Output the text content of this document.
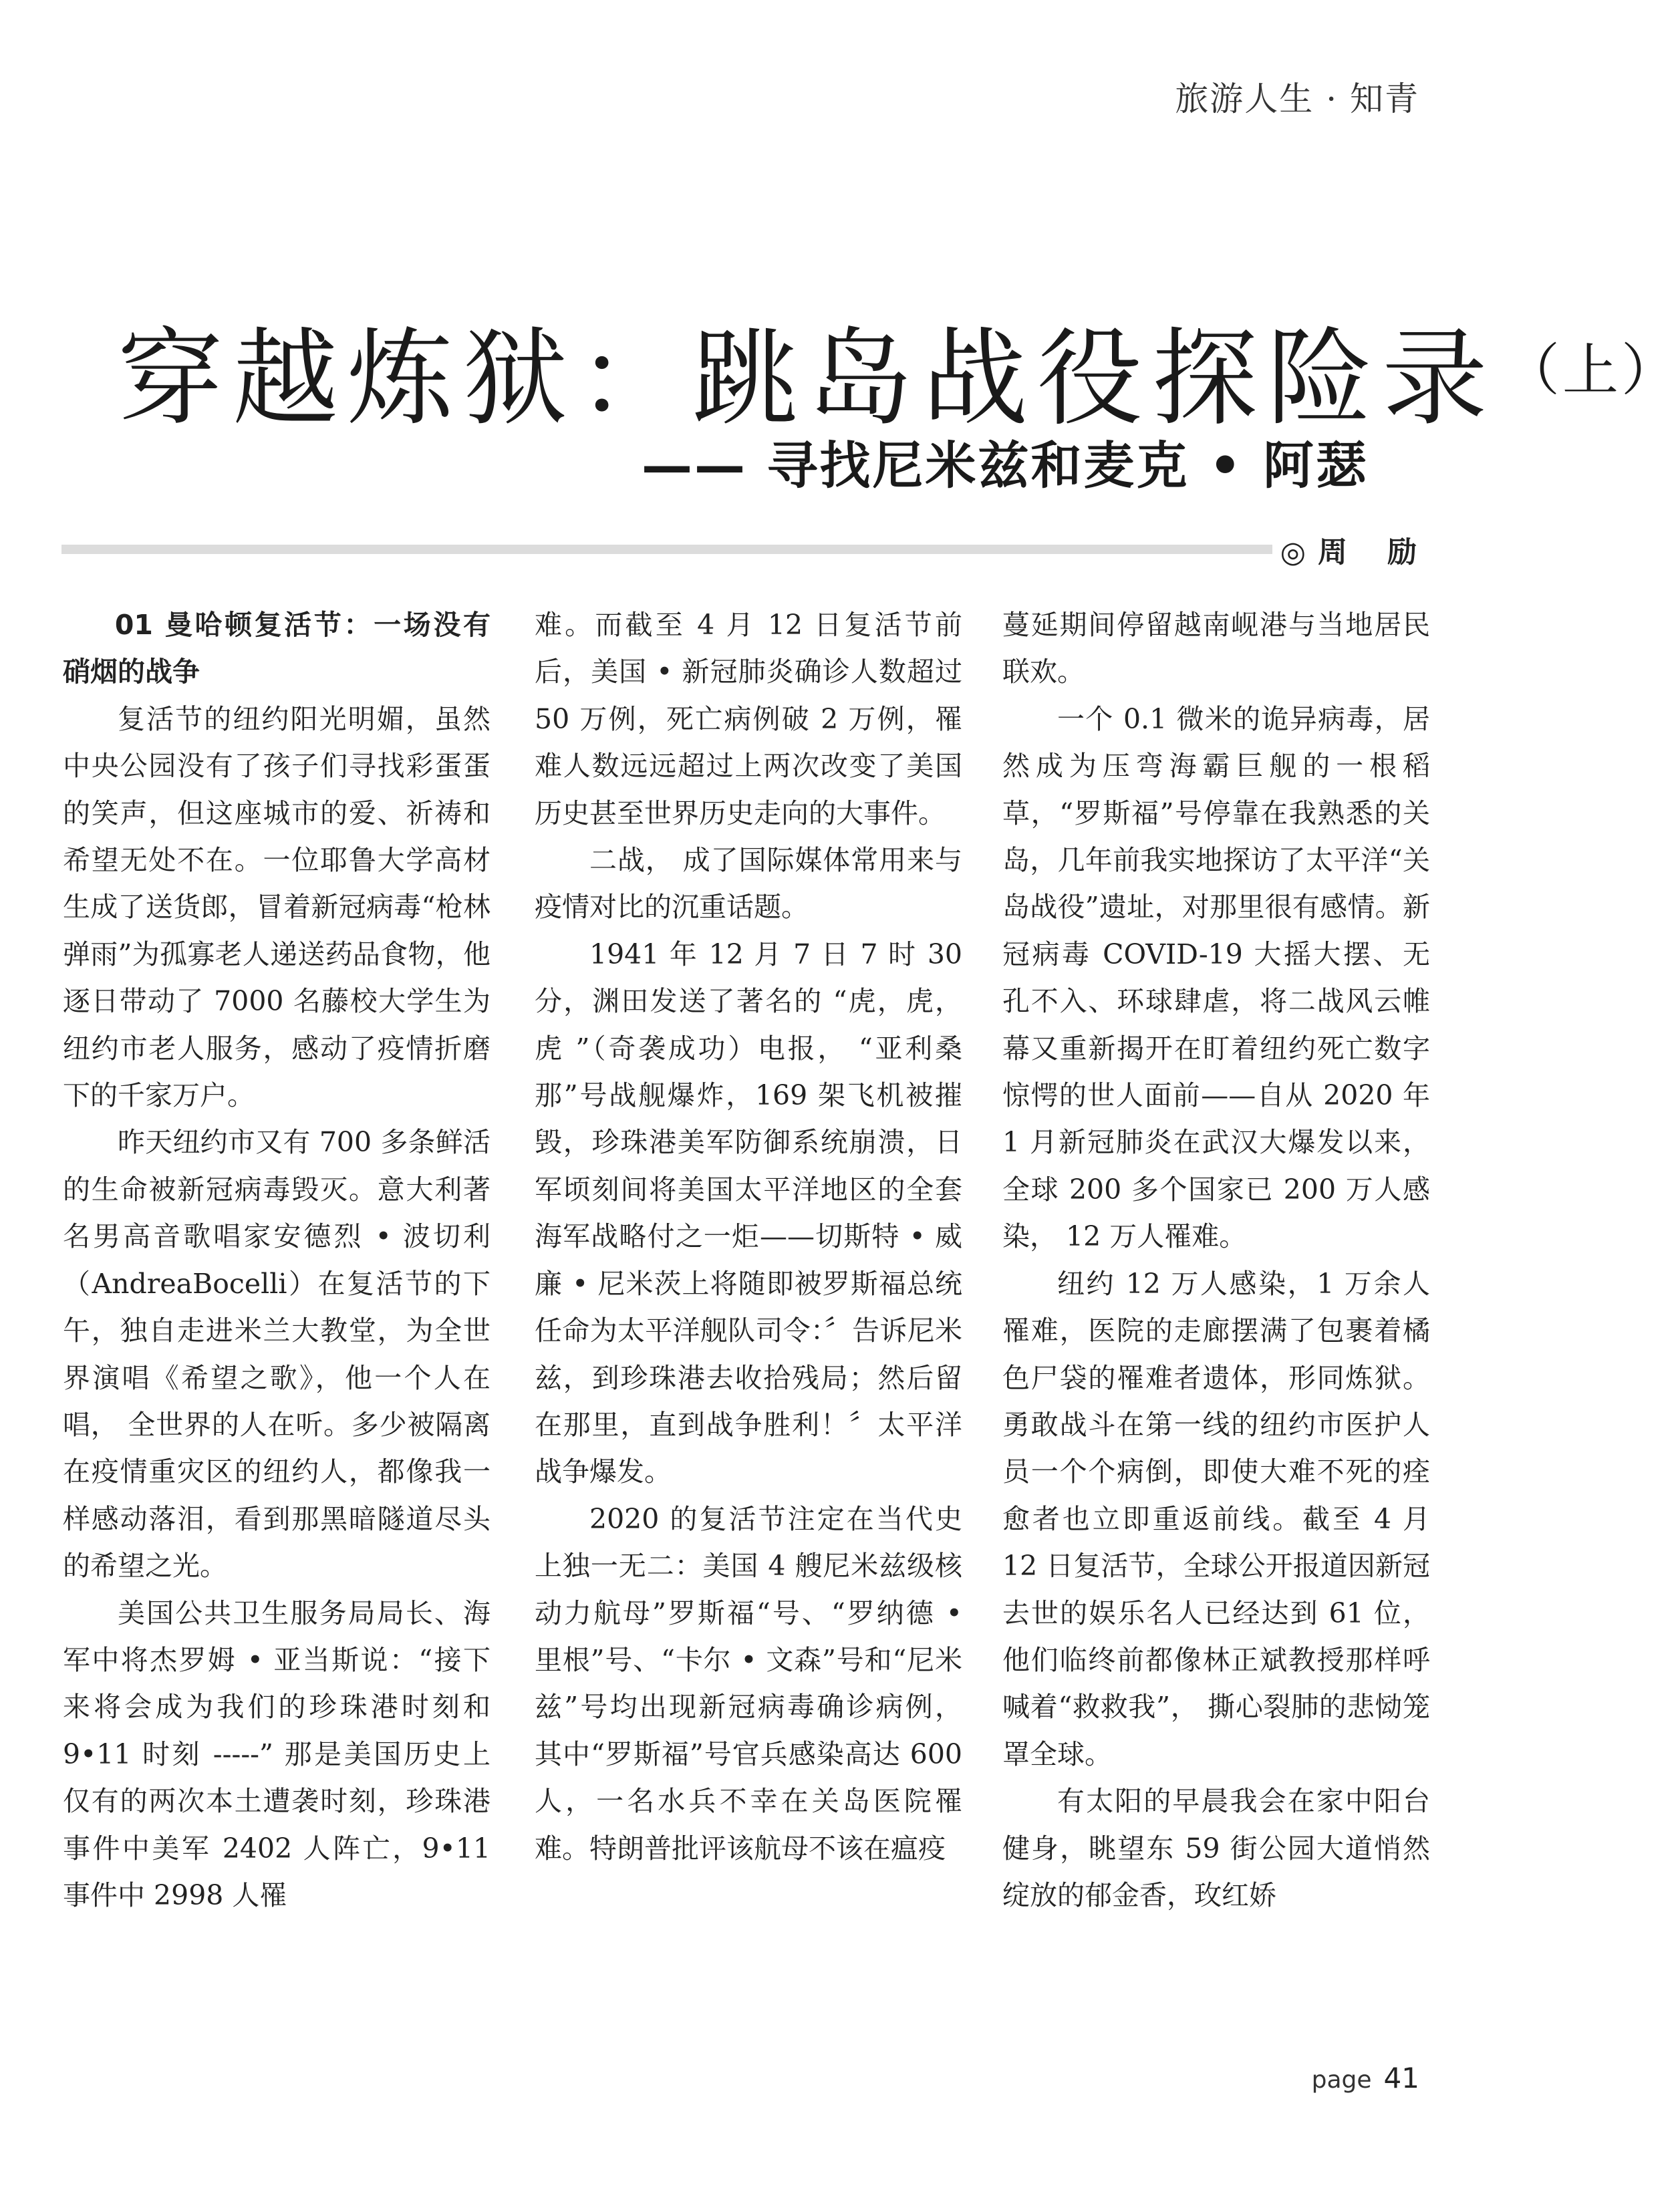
旅游人生 · 知青
穿越炼狱：跳岛战役探险录 $^{(上)}$
—— 寻找尼米兹和麦克 • 阿瑟
◎ 周 励
01 曼哈顿复活节：一场没有硝烟的战争

复活节的纽约阳光明媚，虽然中央公园没有了孩子们寻找彩蛋蛋的笑声，但这座城市的爱、祈祷和希望无处不在。一位耶鲁大学高材生成了送货郎，冒着新冠病毒“枪林弹雨”为孤寡老人递送药品食物，他逐日带动了 7000 名藤校大学生为纽约市老人服务，感动了疫情折磨下的千家万户。

昨天纽约市又有 700 多条鲜活的生命被新冠病毒毁灭。意大利著名男高音歌唱家安德烈 • 波切利 （AndreaBocelli）在复活节的下午，独自走进米兰大教堂，为全世界演唱《希望之歌》，他一个人在唱， 全世界的人在听。多少被隔离在疫情重灾区的纽约人，都像我一样感动落泪，看到那黑暗隧道尽头的希望之光。

美国公共卫生服务局局长、海军中将杰罗姆 • 亚当斯说：“接下来将会成为我们的珍珠港时刻和 9•11 时刻 -----” 那是美国历史上仅有的两次本土遭袭时刻，珍珠港事件中美军 2402 人阵亡，9•11 事件中 2998 人罹

难。而截至 4 月 12 日复活节前后，美国 • 新冠肺炎确诊人数超过 50 万例，死亡病例破 2 万例，罹难人数远远超过上两次改变了美国历史甚至世界历史走向的大事件。

二战， 成了国际媒体常用来与疫情对比的沉重话题。

1941 年 12 月 7 日 7 时 30 分，渊田发送了著名的 “虎，虎，虎 ”（奇袭成功）电报， “亚利桑那”号战舰爆炸，169 架飞机被摧毁，珍珠港美军防御系统崩溃，日军顷刻间将美国太平洋地区的全套海军战略付之一炬——切斯特 • 威廉 • 尼米茨上将随即被罗斯福总统任命为太平洋舰队司令：〞告诉尼米兹，到珍珠港去收拾残局；然后留在那里，直到战争胜利！〞太平洋战争爆发。

2020 的复活节注定在当代史上独一无二：美国 4 艘尼米兹级核动力航母”罗斯福“号、“罗纳德 • 里根”号、“卡尔 • 文森”号和“尼米兹”号均出现新冠病毒确诊病例， 其中“罗斯福”号官兵感染高达 600 人，一名水兵不幸在关岛医院罹难。特朗普批评该航母不该在瘟疫

蔓延期间停留越南岘港与当地居民联欢。

一个 0.1 微米的诡异病毒，居然成为压弯海霸巨舰的一根稻草，“罗斯福”号停靠在我熟悉的关岛，几年前我实地探访了太平洋“关岛战役”遗址，对那里很有感情。新冠病毒 COVID-19 大摇大摆、无孔不入、环球肆虐，将二战风云帷幕又重新揭开在盯着纽约死亡数字惊愕的世人面前——自从 2020 年 1 月新冠肺炎在武汉大爆发以来，全球 200 多个国家已 200 万人感染， 12 万人罹难。

纽约 12 万人感染，1 万余人罹难，医院的走廊摆满了包裹着橘色尸袋的罹难者遗体，形同炼狱。勇敢战斗在第一线的纽约市医护人员一个个病倒，即使大难不死的痊愈者也立即重返前线。截至 4 月 12 日复活节，全球公开报道因新冠去世的娱乐名人已经达到 61 位，他们临终前都像林正斌教授那样呼喊着“救救我”， 撕心裂肺的悲恸笼罩全球。

有太阳的早晨我会在家中阳台健身，眺望东 59 街公园大道悄然绽放的郁金香，玫红娇

page 41
